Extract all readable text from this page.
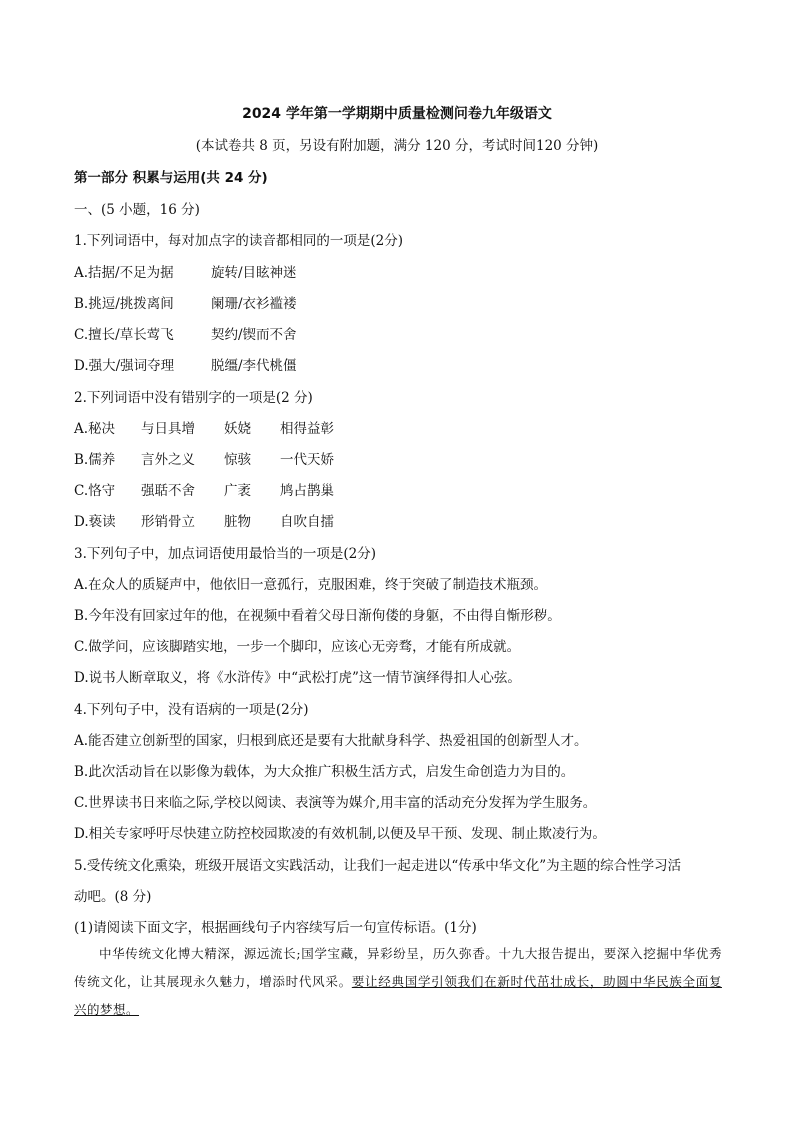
2024 学年第一学期期中质量检测问卷九年级语文
(本试卷共 8 页，另设有附加题，满分 120 分，考试时间120 分钟)
第一部分 积累与运用(共 24 分)
一、(5 小题，16 分)
1.下列词语中，每对加点字的读音都相同的一项是(2分)
A.拮据/不足为据	旋转/目眩神迷
B.挑逗/挑拨离间	阑珊/衣衫褴褛
C.擅长/草长莺飞	契约/锲而不舍
D.强大/强词夺理	脱缰/李代桃僵
2.下列词语中没有错别字的一项是(2 分)
A.秘决 与日具增 妖娆 相得益彰
B.儒养 言外之义 惊骇 一代天娇
C.恪守 强聒不舍 广袤 鸠占鹊巢
D.亵读 形销骨立 脏物 自吹自擂
3.下列句子中，加点词语使用最恰当的一项是(2分)
A.在众人的质疑声中，他依旧一意孤行，克服困难，终于突破了制造技术瓶颈。
B.今年没有回家过年的他，在视频中看着父母日渐佝偻的身躯，不由得自惭形秽。
C.做学问，应该脚踏实地，一步一个脚印，应该心无旁骛，才能有所成就。
D.说书人断章取义，将《水浒传》中“武松打虎”这一情节演绎得扣人心弦。
4.下列句子中，没有语病的一项是(2分)
A.能否建立创新型的国家，归根到底还是要有大批献身科学、热爱祖国的创新型人才。
B.此次活动旨在以影像为载体，为大众推广积极生活方式，启发生命创造力为目的。
C.世界读书日来临之际,学校以阅读、表演等为媒介,用丰富的活动充分发挥为学生服务。
D.相关专家呼吁尽快建立防控校园欺凌的有效机制,以便及早干预、发现、制止欺凌行为。
5.受传统文化熏染，班级开展语文实践活动，让我们一起走进以“传承中华文化”为主题的综合性学习活
动吧。(8 分)
(1)请阅读下面文字，根据画线句子内容续写后一句宣传标语。(1分)
中华传统文化博大精深，源远流长;国学宝藏，异彩纷呈，历久弥香。十九大报告提出，要深入挖掘中华优秀传统文化，让其展现永久魅力，增添时代风采。要让经典国学引领我们在新时代茁壮成长，助圆中华民族全面复兴的梦想。
